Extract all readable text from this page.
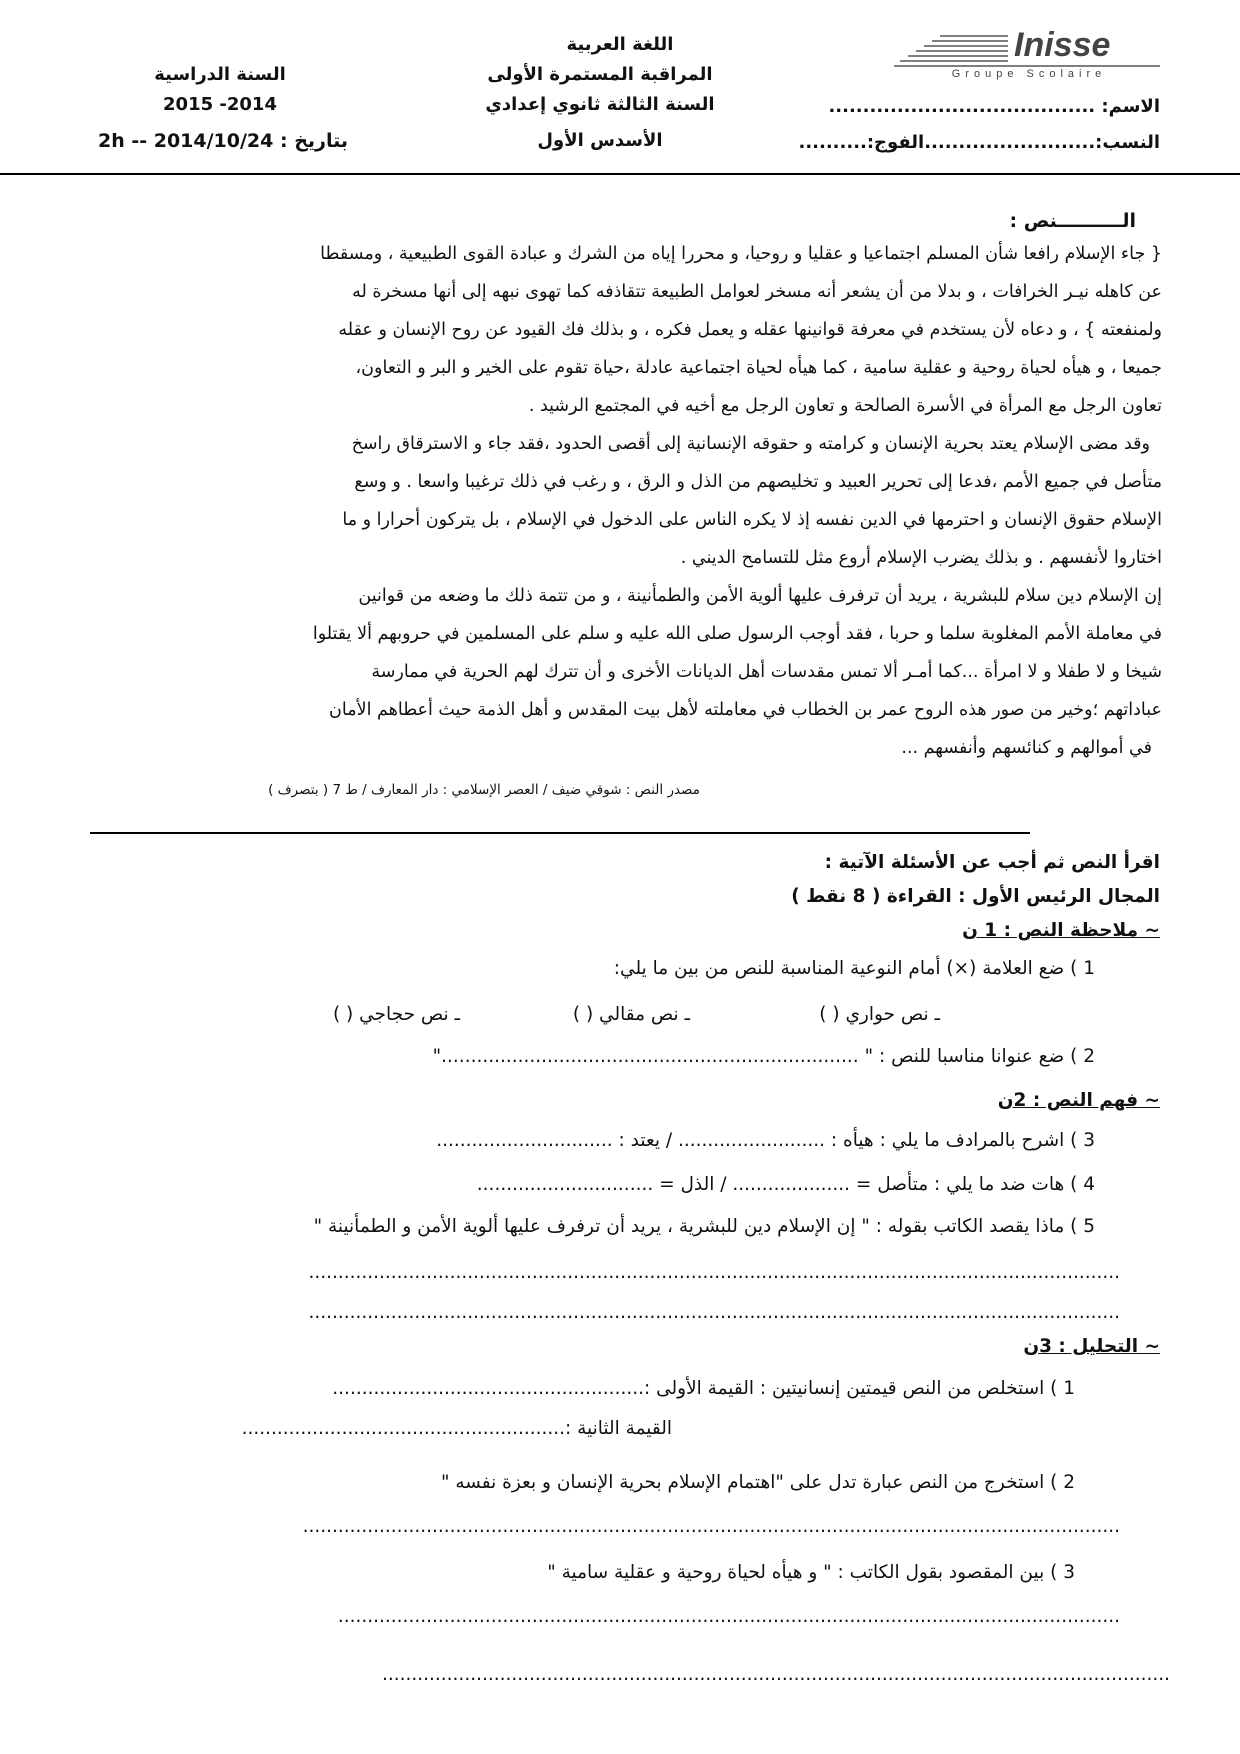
اللغة العربية
المراقبة المستمرة الأولى
السنة الثالثة ثانوي إعدادي
الأسدس الأول
السنة الدراسية
2015 -2014
بتاريخ : 2014/10/24 -- 2h
Inisse
Groupe Scolaire
الاسم: .......................................
النسب:.........................الفوج:..........
الــــــــــنص :
{ جاء الإسلام رافعا شأن المسلم اجتماعيا و عقليا و روحيا، و محررا إياه من الشرك و عبادة القوى الطبيعية ، ومسقطا
عن كاهله نيـر الخرافات ، و بدلا من أن يشعر أنه مسخر لعوامل الطبيعة تتقاذفه كما تهوى نبهه إلى أنها مسخرة له
ولمنفعته } ، و دعاه لأن يستخدم في معرفة قوانينها عقله و يعمل فكره ، و بذلك فك القيود عن روح الإنسان و عقله
جميعا ، و هيأه لحياة روحية و عقلية سامية ، كما هيأه لحياة اجتماعية عادلة ،حياة تقوم على الخير و البر و التعاون،
تعاون الرجل مع المرأة في الأسرة الصالحة و تعاون الرجل مع أخيه في المجتمع الرشيد .
وقد مضى الإسلام يعتد بحرية الإنسان و كرامته و حقوقه الإنسانية إلى أقصى الحدود ،فقد جاء و الاسترقاق راسخ
متأصل في جميع الأمم ،فدعا إلى تحرير العبيد و تخليصهم من الذل و الرق ، و رغب في ذلك ترغيبا واسعا . و وسع
الإسلام حقوق الإنسان و احترمها في الدين نفسه إذ لا يكره الناس على الدخول في الإسلام ، بل يتركون أحرارا و ما
اختاروا لأنفسهم . و بذلك يضرب الإسلام أروع مثل للتسامح الديني .
إن الإسلام دين سلام للبشرية ، يريد أن ترفرف عليها ألوية الأمن والطمأنينة ، و من تتمة ذلك ما وضعه من قوانين
في معاملة الأمم المغلوبة سلما و حربا ، فقد أوجب الرسول صلى الله عليه و سلم على المسلمين في حروبهم ألا يقتلوا
شيخا و لا طفلا و لا امرأة ...كما أمـر ألا تمس مقدسات أهل الديانات الأخرى و أن تترك لهم الحرية في ممارسة
عباداتهم ؛وخير من صور هذه الروح عمر بن الخطاب في معاملته لأهل بيت المقدس و أهل الذمة حيث أعطاهم الأمان
في أموالهم و كنائسهم وأنفسهم ...
مصدر النص : شوقي ضيف / العصر الإسلامي : دار المعارف / ط 7 ( بتصرف )
اقرأ النص ثم أجب عن الأسئلة الآتية :
المجال الرئيس الأول : القراءة ( 8 نقط )
~ ملاحظة النص : 1 ن
1 ) ضع العلامة (×) أمام النوعية المناسبة للنص من بين ما يلي:
ـ نص حواري ( )
ـ نص مقالي ( )
ـ نص حجاجي ( )
2 ) ضع عنوانا مناسبا للنص : " ......................................................................."
~ فهم النص : 2ن
3 ) اشرح بالمرادف ما يلي : هيأه : ......................... / يعتد : ..............................
4 ) هات ضد ما يلي : متأصل = .................... / الذل = ..............................
5 ) ماذا يقصد الكاتب بقوله : " إن الإسلام دين للبشرية ، يريد أن ترفرف عليها ألوية الأمن و الطمأنينة "
..........................................................................................................................................
..........................................................................................................................................
~ التحليل : 3ن
1 ) استخلص من النص قيمتين إنسانيتين : القيمة الأولى :.....................................................
القيمة الثانية :.......................................................
2 ) استخرج من النص عبارة تدل على "اهتمام الإسلام بحرية الإنسان و بعزة نفسه "
...........................................................................................................................................
3 ) بين المقصود بقول الكاتب : " و هيأه لحياة روحية و عقلية سامية "
.....................................................................................................................................
......................................................................................................................................
